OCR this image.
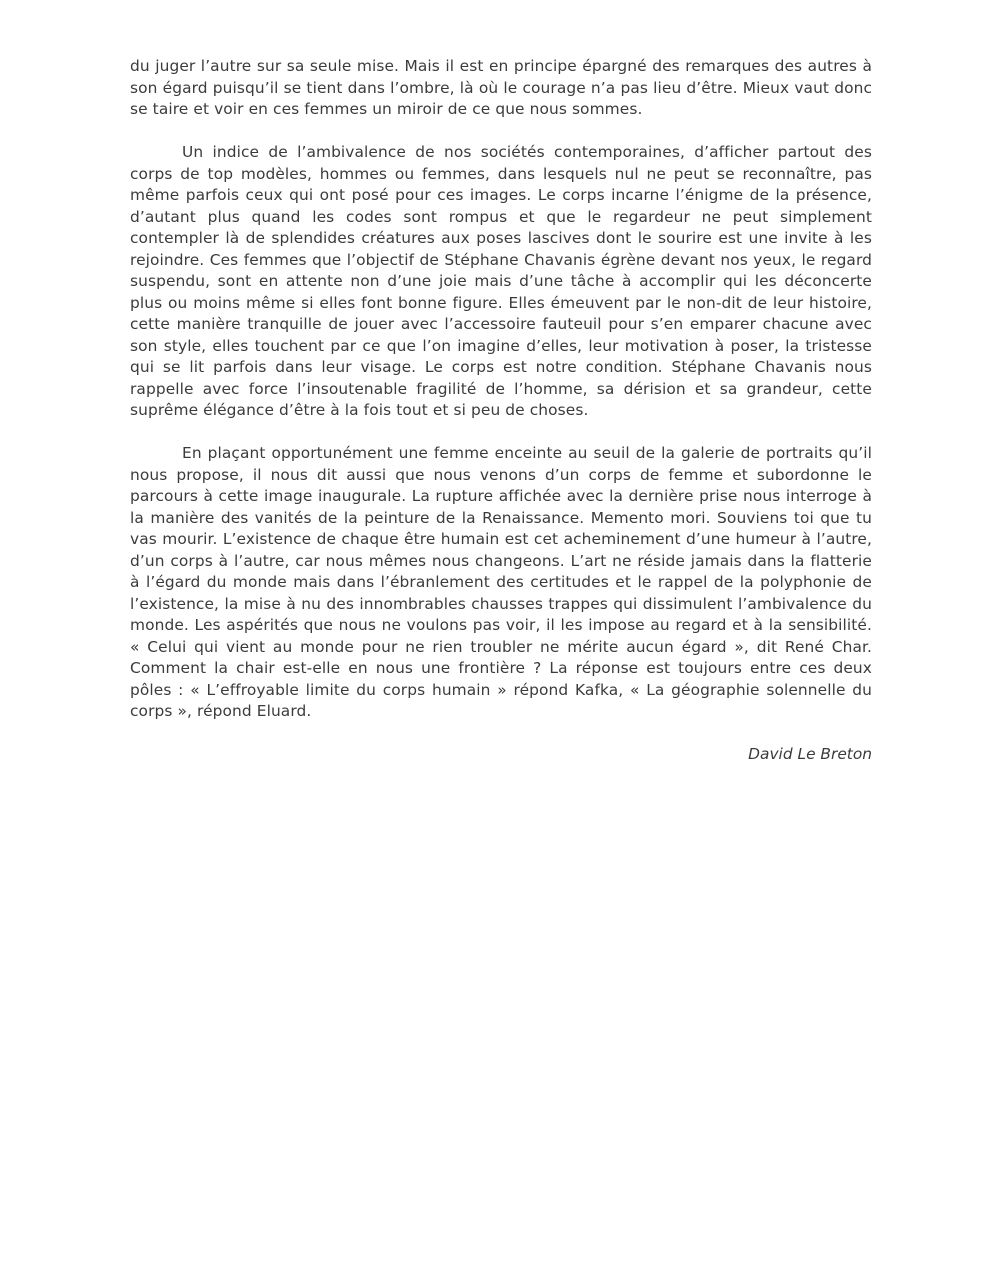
du juger l’autre sur sa seule mise. Mais il est en principe épargné des remarques des autres à son égard puisqu’il se tient dans l’ombre, là où le courage n’a pas lieu d’être. Mieux vaut donc se taire et voir en ces femmes un miroir de ce que nous sommes.

Un indice de l’ambivalence de nos sociétés contemporaines, d’afficher partout des corps de top modèles, hommes ou femmes, dans lesquels nul ne peut se reconnaître, pas même parfois ceux qui ont posé pour ces images. Le corps incarne l’énigme de la présence, d’autant plus quand les codes sont rompus et que le regardeur ne peut simplement contempler là de splendides créatures aux poses lascives dont le sourire est une invite à les rejoindre. Ces femmes que l’objectif de Stéphane Chavanis égrène devant nos yeux, le regard suspendu, sont en attente non d’une joie mais d’une tâche à accomplir qui les déconcerte plus ou moins même si elles font bonne figure. Elles émeuvent par le non-dit de leur histoire, cette manière tranquille de jouer avec l’accessoire fauteuil pour s’en emparer chacune avec son style, elles touchent par ce que l’on imagine d’elles, leur motivation à poser, la tristesse qui se lit parfois dans leur visage. Le corps est notre condition. Stéphane Chavanis nous rappelle avec force l’insoutenable fragilité de l’homme, sa dérision et sa grandeur, cette suprême élégance d’être à la fois tout et si peu de choses.

En plaçant opportunément une femme enceinte au seuil de la galerie de portraits qu’il nous propose, il nous dit aussi que nous venons d’un corps de femme et subordonne le parcours à cette image inaugurale. La rupture affichée avec la dernière prise nous interroge à la manière des vanités de la peinture de la Renaissance. Memento mori. Souviens toi que tu vas mourir. L’existence de chaque être humain est cet acheminement d’une humeur à l’autre, d’un corps à l’autre, car nous mêmes nous changeons. L’art ne réside jamais dans la flatterie à l’égard du monde mais dans l’ébranlement des certitudes et le rappel de la polyphonie de l’existence, la mise à nu des innombrables chausses trappes qui dissimulent l’ambivalence du monde. Les aspérités que nous ne voulons pas voir, il les impose au regard et à la sensibilité. « Celui qui vient au monde pour ne rien troubler ne mérite aucun égard », dit René Char. Comment la chair est-elle en nous une frontière ? La réponse est toujours entre ces deux pôles : « L’effroyable limite du corps humain » répond Kafka, « La géographie solennelle du corps », répond Eluard.

David Le Breton
